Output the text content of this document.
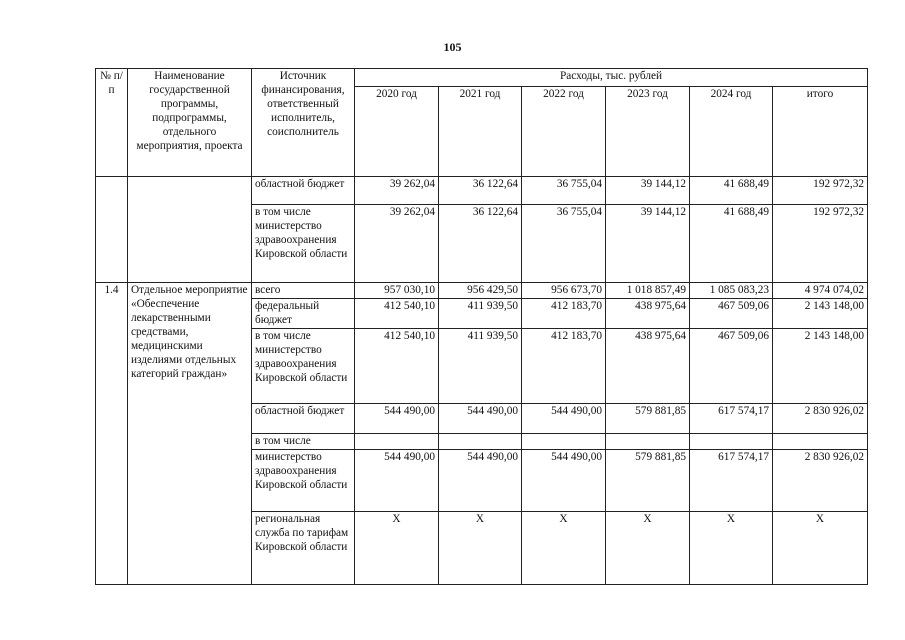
105
№ п/п	Наименование государственной программы, подпрограммы, отдельного мероприятия, проекта	Источник финансирования, ответственный исполнитель, соисполнитель	Расходы, тыс. рублей					
			2020 год	2021 год	2022 год	2023 год	2024 год	итого
		областной бюджет	39 262,04	36 122,64	36 755,04	39 144,12	41 688,49	192 972,32
		в том числе министерство здравоохранения Кировской области	39 262,04	36 122,64	36 755,04	39 144,12	41 688,49	192 972,32
1.4	Отдельное мероприятие «Обеспечение лекарственными средствами, медицинскими изделиями отдельных категорий граждан»	всего	957 030,10	956 429,50	956 673,70	1 018 857,49	1 085 083,23	4 974 074,02
		федеральный бюджет	412 540,10	411 939,50	412 183,70	438 975,64	467 509,06	2 143 148,00
		в том числе министерство здравоохранения Кировской области	412 540,10	411 939,50	412 183,70	438 975,64	467 509,06	2 143 148,00
		областной бюджет	544 490,00	544 490,00	544 490,00	579 881,85	617 574,17	2 830 926,02
		в том числе						
		министерство здравоохранения Кировской области	544 490,00	544 490,00	544 490,00	579 881,85	617 574,17	2 830 926,02
		региональная служба по тарифам Кировской области	Х	Х	Х	Х	Х	Х
